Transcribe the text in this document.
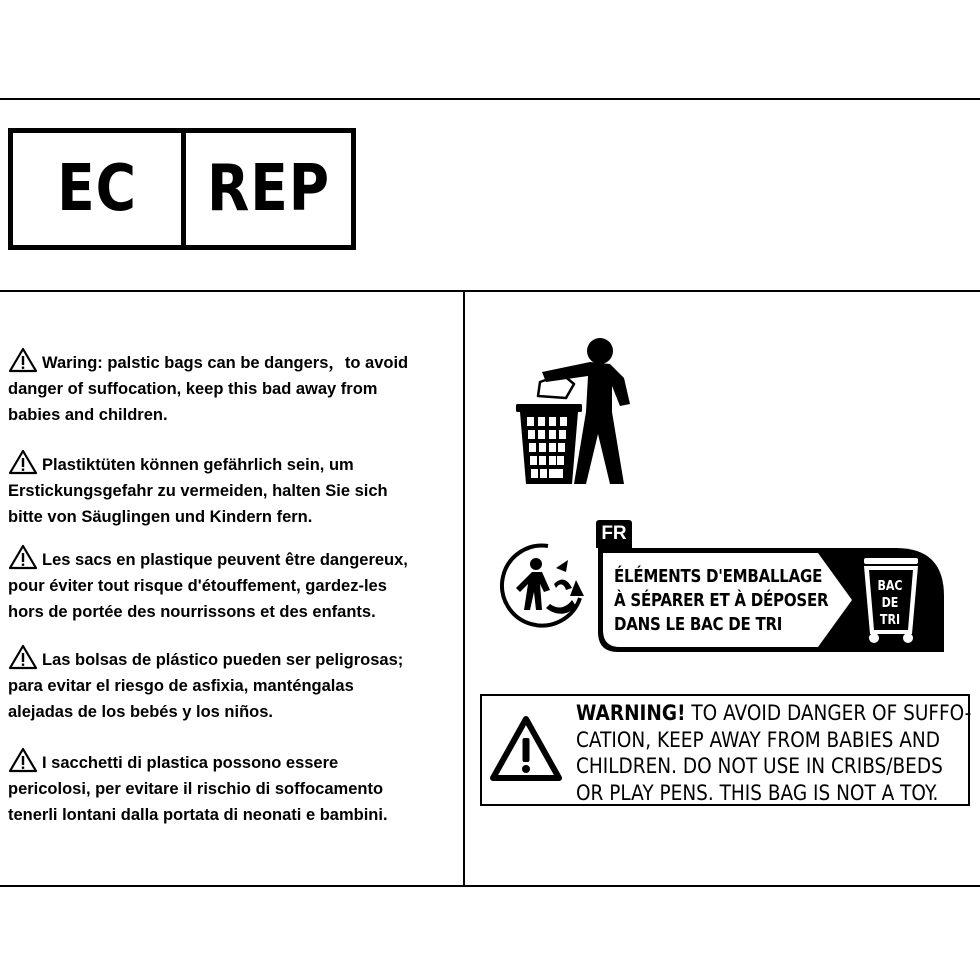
EC	REP
Waring: palstic bags can be dangers，to avoid
danger of suffocation, keep this bad away from
babies and children.
Plastiktüten können gefährlich sein, um
Erstickungsgefahr zu vermeiden, halten Sie sich
bitte von Säuglingen und Kindern fern.
Les sacs en plastique peuvent être dangereux,
pour éviter tout risque d'étouffement, gardez-les
hors de portée des nourrissons et des enfants.
Las bolsas de plástico pueden ser peligrosas;
para evitar el riesgo de asfixia, manténgalas
alejadas de los bebés y los niños.
I sacchetti di plastica possono essere
pericolosi, per evitare il rischio di soffocamento
tenerli lontani dalla portata di neonati e bambini.
FR
ÉLÉMENTS D'EMBALLAGE
À SÉPARER ET À DÉPOSER
DANS LE BAC DE TRI
BAC
DE
TRI
WARNING! TO AVOID DANGER OF SUFFO-
CATION, KEEP AWAY FROM BABIES AND
CHILDREN. DO NOT USE IN CRIBS/BEDS
OR PLAY PENS. THIS BAG IS NOT A TOY.
